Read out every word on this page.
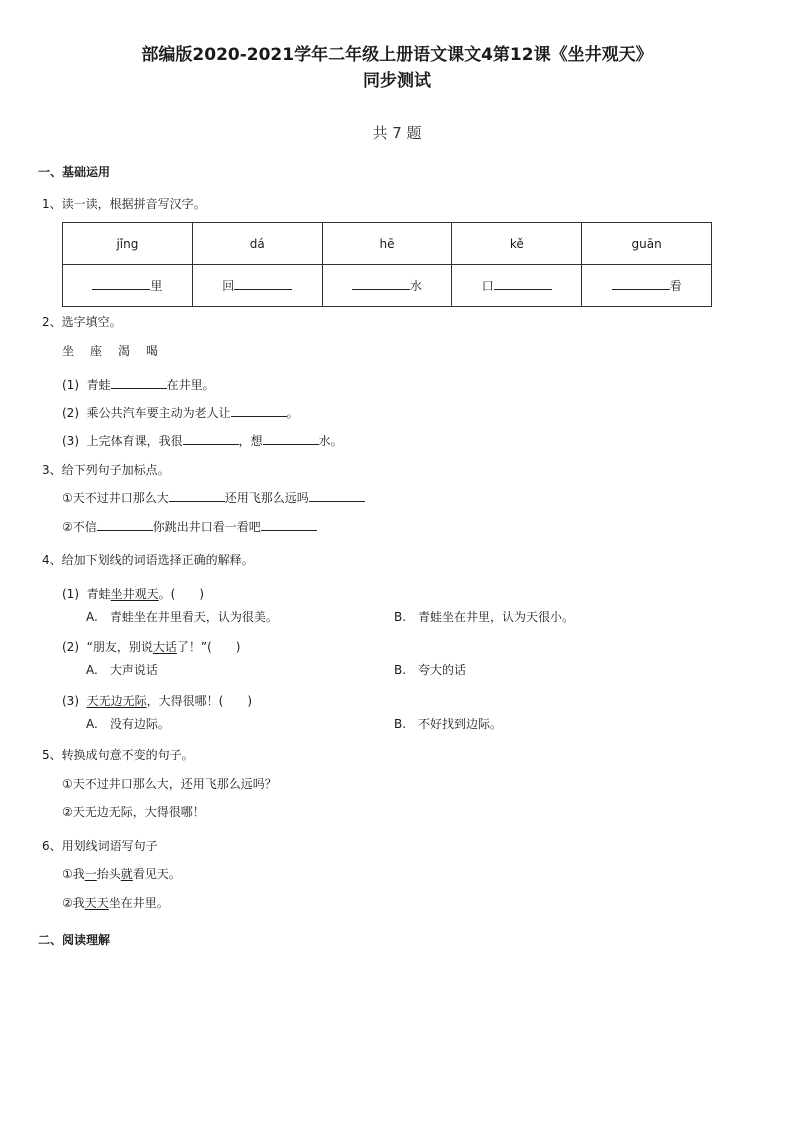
部编版2020-2021学年二年级上册语文课文4第12课《坐井观天》
同步测试
共 7 题
一、基础运用
1、读一读，根据拼音写汉字。
jǐng	dá	hē	kě	guān
里	回	水	口	看
2、选字填空。
坐　座　渴　喝
(1) 青蛙	在井里。
(2) 乘公共汽车要主动为老人让	。
(3) 上完体育课，我很	，想	水。
3、给下列句子加标点。
①天不过井口那么大	还用飞那么远吗
②不信	你跳出井口看一看吧
4、给加下划线的词语选择正确的解释。
(1) 青蛙坐井观天。(　　)
A.　青蛙坐在井里看天，认为很美。	B.　青蛙坐在井里，认为天很小。
(2) “朋友，别说大话了！”(　　)
A.　大声说话	B.　夸大的话
(3) 天无边无际，大得很哪！(　　)
A.　没有边际。	B.　不好找到边际。
5、转换成句意不变的句子。
①天不过井口那么大，还用飞那么远吗？
②天无边无际，大得很哪！
6、用划线词语写句子
①我一抬头就看见天。
②我天天坐在井里。
二、阅读理解
